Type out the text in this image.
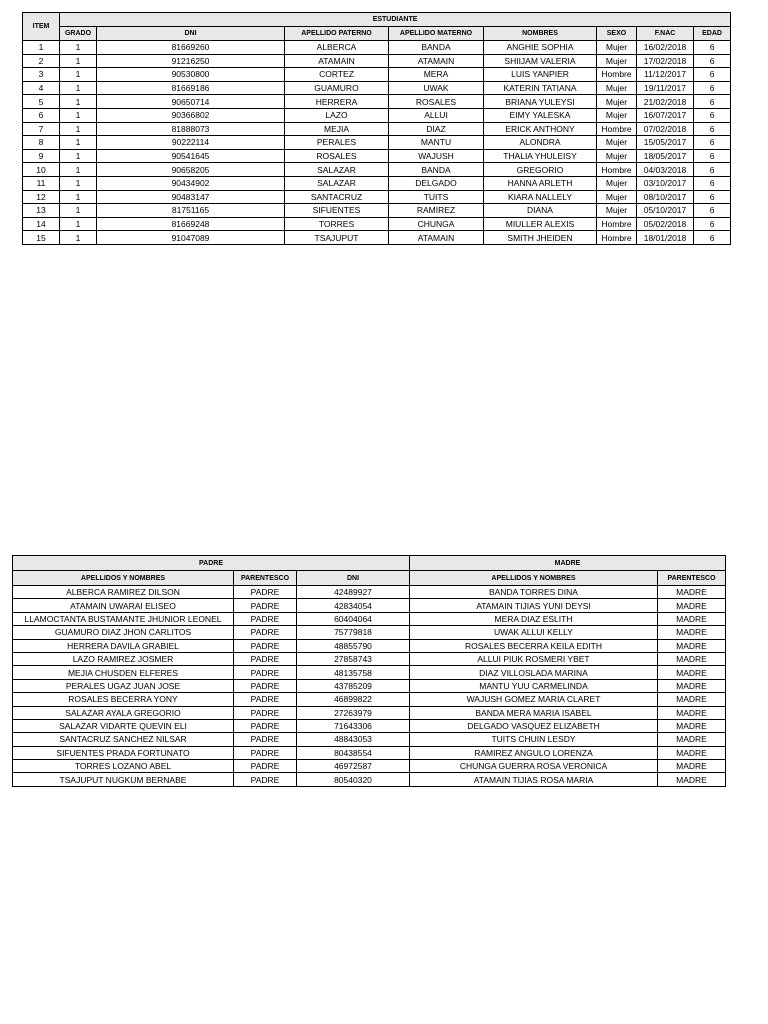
ITEM	ESTUDIANTE							
	GRADO	DNI	APELLIDO PATERNO	APELLIDO MATERNO	NOMBRES	SEXO	F.NAC	EDAD
1	1	81669260	ALBERCA	BANDA	ANGHIE SOPHIA	Mujer	16/02/2018	6
2	1	91216250	ATAMAIN	ATAMAIN	SHIIJAM VALERIA	Mujer	17/02/2018	6
3	1	90530800	CORTEZ	MERA	LUIS YANPIER	Hombre	11/12/2017	6
4	1	81669186	GUAMURO	UWAK	KATERIN TATIANA	Mujer	19/11/2017	6
5	1	90650714	HERRERA	ROSALES	BRIANA YULEYSI	Mujer	21/02/2018	6
6	1	90366802	LAZO	ALLUI	EIMY YALESKA	Mujer	16/07/2017	6
7	1	81888073	MEJIA	DIAZ	ERICK ANTHONY	Hombre	07/02/2018	6
8	1	90222114	PERALES	MANTU	ALONDRA	Mujer	15/05/2017	6
9	1	90541645	ROSALES	WAJUSH	THALIA YHULEISY	Mujer	18/05/2017	6
10	1	90658205	SALAZAR	BANDA	GREGORIO	Hombre	04/03/2018	6
11	1	90434902	SALAZAR	DELGADO	HANNA ARLETH	Mujer	03/10/2017	6
12	1	90483147	SANTACRUZ	TUITS	KIARA NALLELY	Mujer	08/10/2017	6
13	1	81751165	SIFUENTES	RAMIREZ	DIANA	Mujer	05/10/2017	6
14	1	81669248	TORRES	CHUNGA	MIULLER ALEXIS	Hombre	05/02/2018	6
15	1	91047089	TSAJUPUT	ATAMAIN	SMITH JHEIDEN	Hombre	18/01/2018	6
PADRE			MADRE	
APELLIDOS Y NOMBRES	PARENTESCO	DNI	APELLIDOS Y NOMBRES	PARENTESCO
ALBERCA RAMIREZ DILSON	PADRE	42489927	BANDA TORRES DINA	MADRE
ATAMAIN UWARAI ELISEO	PADRE	42834054	ATAMAIN TIJIAS YUNI DEYSI	MADRE
LLAMOCTANTA BUSTAMANTE JHUNIOR LEONEL	PADRE	60404064	MERA DIAZ ESLITH	MADRE
GUAMURO DIAZ JHON CARLITOS	PADRE	75779818	UWAK ALLUI KELLY	MADRE
HERRERA DAVILA GRABIEL	PADRE	48855790	ROSALES BECERRA KEILA EDITH	MADRE
LAZO RAMIREZ JOSMER	PADRE	27858743	ALLUI PIUK ROSMERI YBET	MADRE
MEJIA CHUSDEN ELFERES	PADRE	48135758	DIAZ VILLOSLADA MARINA	MADRE
PERALES UGAZ JUAN JOSE	PADRE	43785209	MANTU YUU CARMELINDA	MADRE
ROSALES BECERRA YONY	PADRE	46899822	WAJUSH GOMEZ MARIA CLARET	MADRE
SALAZAR AYALA GREGORIO	PADRE	27263979	BANDA MERA MARIA ISABEL	MADRE
SALAZAR VIDARTE QUEVIN ELI	PADRE	71643306	DELGADO VASQUEZ ELIZABETH	MADRE
SANTACRUZ SANCHEZ NILSAR	PADRE	48843053	TUITS CHUIN LESDY	MADRE
SIFUENTES PRADA FORTUNATO	PADRE	80438554	RAMIREZ ANGULO LORENZA	MADRE
TORRES LOZANO ABEL	PADRE	46972587	CHUNGA GUERRA ROSA VERONICA	MADRE
TSAJUPUT NUGKUM BERNABE	PADRE	80540320	ATAMAIN TIJIAS ROSA MARIA	MADRE
